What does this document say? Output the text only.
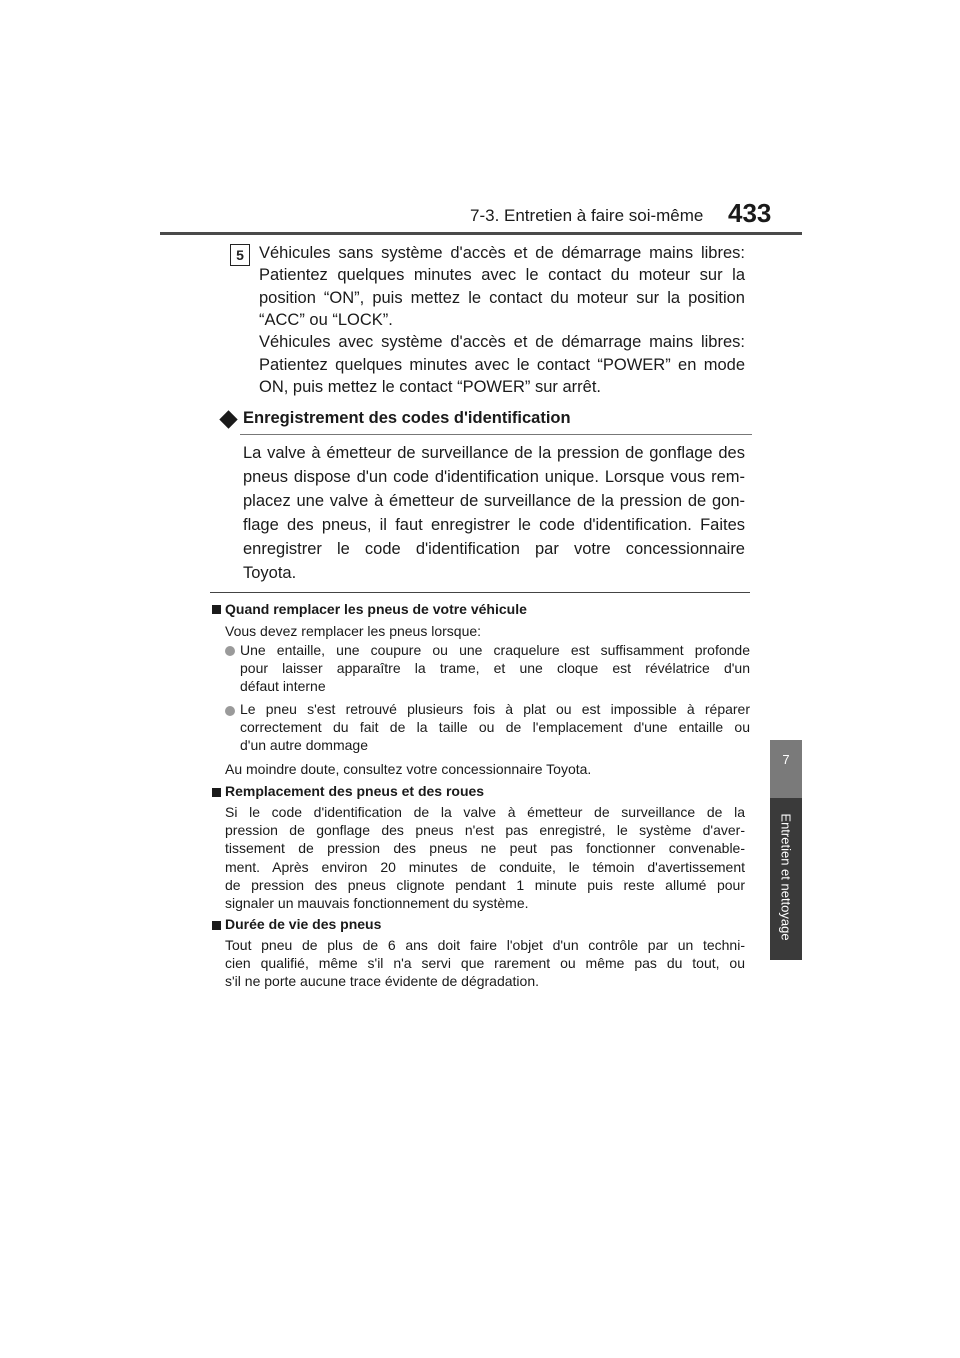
7-3. Entretien à faire soi-même 433
7
Entretien et nettoyage
5 Véhicules sans système d'accès et de démarrage mains libres:
Patientez quelques minutes avec le contact du moteur sur la
position “ON”, puis mettez le contact du moteur sur la position
“ACC” ou “LOCK”.
Véhicules avec système d'accès et de démarrage mains libres:
Patientez quelques minutes avec le contact “POWER” en mode
ON, puis mettez le contact “POWER” sur arrêt.
Enregistrement des codes d'identification
La valve à émetteur de surveillance de la pression de gonflage des
pneus dispose d'un code d'identification unique. Lorsque vous rem-
placez une valve à émetteur de surveillance de la pression de gon-
flage des pneus, il faut enregistrer le code d'identification. Faites
enregistrer le code d'identification par votre concessionnaire
Toyota.
Quand remplacer les pneus de votre véhicule
Vous devez remplacer les pneus lorsque:
Une entaille, une coupure ou une craquelure est suffisamment profonde
pour laisser apparaître la trame, et une cloque est révélatrice d'un
défaut interne
Le pneu s'est retrouvé plusieurs fois à plat ou est impossible à réparer
correctement du fait de la taille ou de l'emplacement d'une entaille ou
d'un autre dommage
Au moindre doute, consultez votre concessionnaire Toyota.
Remplacement des pneus et des roues
Si le code d'identification de la valve à émetteur de surveillance de la
pression de gonflage des pneus n'est pas enregistré, le système d'aver-
tissement de pression des pneus ne peut pas fonctionner convenable-
ment. Après environ 20 minutes de conduite, le témoin d'avertissement
de pression des pneus clignote pendant 1 minute puis reste allumé pour
signaler un mauvais fonctionnement du système.
Durée de vie des pneus
Tout pneu de plus de 6 ans doit faire l'objet d'un contrôle par un techni-
cien qualifié, même s'il n'a servi que rarement ou même pas du tout, ou
s'il ne porte aucune trace évidente de dégradation.
